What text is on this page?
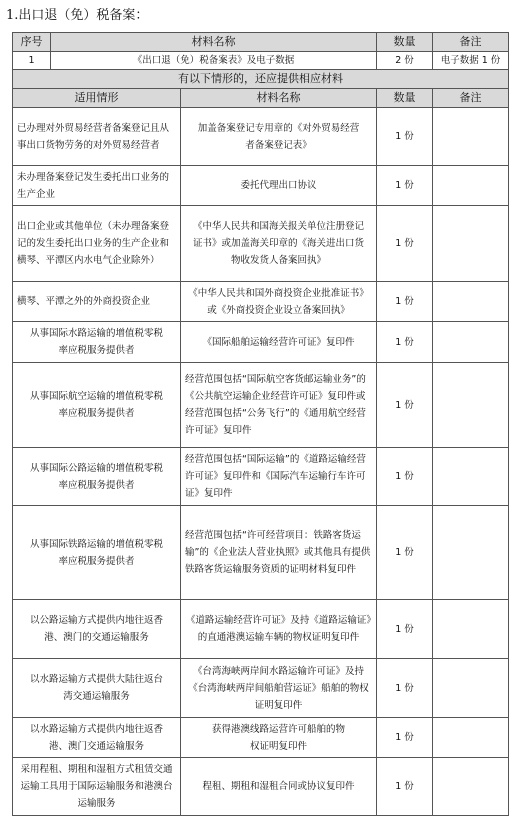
1.出口退（免）税备案：
序号	材料名称		数量	备注
1	《出口退（免）税备案表》及电子数据		2 份	电子数据 1 份
有以下情形的，还应提供相应材料				
适用情形		材料名称	数量	备注
已办理对外贸易经营者备案登记且从事出口货物劳务的对外贸易经营者		加盖备案登记专用章的《对外贸易经营者备案登记表》	1 份	
未办理备案登记发生委托出口业务的生产企业		委托代理出口协议	1 份	
出口企业或其他单位（未办理备案登记的发生委托出口业务的生产企业和横琴、平潭区内水电气企业除外）		《中华人民共和国海关报关单位注册登记证书》或加盖海关印章的《海关进出口货物收发货人备案回执》	1 份	
横琴、平潭之外的外商投资企业		《中华人民共和国外商投资企业批准证书》或《外商投资企业设立备案回执》	1 份	
从事国际水路运输的增值税零税率应税服务提供者		《国际船舶运输经营许可证》复印件	1 份	
从事国际航空运输的增值税零税率应税服务提供者		经营范围包括“国际航空客货邮运输业务”的《公共航空运输企业经营许可证》复印件或经营范围包括“公务飞行”的《通用航空经营许可证》复印件	1 份	
从事国际公路运输的增值税零税率应税服务提供者		经营范围包括“国际运输”的《道路运输经营许可证》复印件和《国际汽车运输行车许可证》复印件	1 份	
从事国际铁路运输的增值税零税率应税服务提供者		经营范围包括“许可经营项目：铁路客货运输”的《企业法人营业执照》或其他具有提供铁路客货运输服务资质的证明材料复印件	1 份	
以公路运输方式提供内地往返香港、澳门的交通运输服务		《道路运输经营许可证》及持《道路运输证》的直通港澳运输车辆的物权证明复印件	1 份	
以水路运输方式提供大陆往返台湾交通运输服务		《台湾海峡两岸间水路运输许可证》及持《台湾海峡两岸间船舶营运证》船舶的物权证明复印件	1 份	
以水路运输方式提供内地往返香港、澳门交通运输服务		获得港澳线路运营许可船舶的物权证明复印件	1 份	
采用程租、期租和湿租方式租赁交通运输工具用于国际运输服务和港澳台运输服务		程租、期租和湿租合同或协议复印件	1 份	
